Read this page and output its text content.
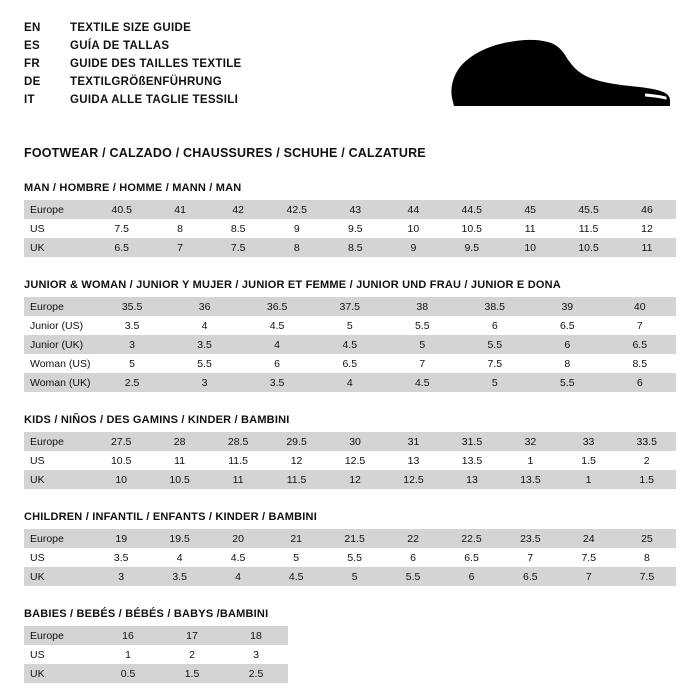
EN	TEXTILE SIZE GUIDE
ES	GUÍA DE TALLAS
FR	GUIDE DES TAILLES TEXTILE
DE	TEXTILGRÖßENFÜHRUNG
IT	GUIDA ALLE TAGLIE TESSILI
FOOTWEAR / CALZADO / CHAUSSURES / SCHUHE / CALZATURE
MAN / HOMBRE / HOMME / MANN / MAN
Europe	40.5	41	42	42.5	43	44	44.5	45	45.5	46
US	7.5	8	8.5	9	9.5	10	10.5	11	11.5	12
UK	6.5	7	7.5	8	8.5	9	9.5	10	10.5	11
JUNIOR & WOMAN / JUNIOR Y MUJER / JUNIOR ET FEMME / JUNIOR UND FRAU / JUNIOR E DONA
Europe	35.5	36	36.5	37.5	38	38.5	39	40
Junior (US)	3.5	4	4.5	5	5.5	6	6.5	7
Junior (UK)	3	3.5	4	4.5	5	5.5	6	6.5
Woman (US)	5	5.5	6	6.5	7	7.5	8	8.5
Woman (UK)	2.5	3	3.5	4	4.5	5	5.5	6
KIDS / NIÑOS / DES GAMINS / KINDER / BAMBINI
Europe	27.5	28	28.5	29.5	30	31	31.5	32	33	33.5
US	10.5	11	11.5	12	12.5	13	13.5	1	1.5	2
UK	10	10.5	11	11.5	12	12.5	13	13.5	1	1.5
CHILDREN / INFANTIL / ENFANTS / KINDER / BAMBINI
Europe	19	19.5	20	21	21.5	22	22.5	23.5	24	25
US	3.5	4	4.5	5	5.5	6	6.5	7	7.5	8
UK	3	3.5	4	4.5	5	5.5	6	6.5	7	7.5
BABIES / BEBÉS / BÉBÉS / BABYS /BAMBINI
Europe	16	17	18
US	1	2	3
UK	0.5	1.5	2.5
